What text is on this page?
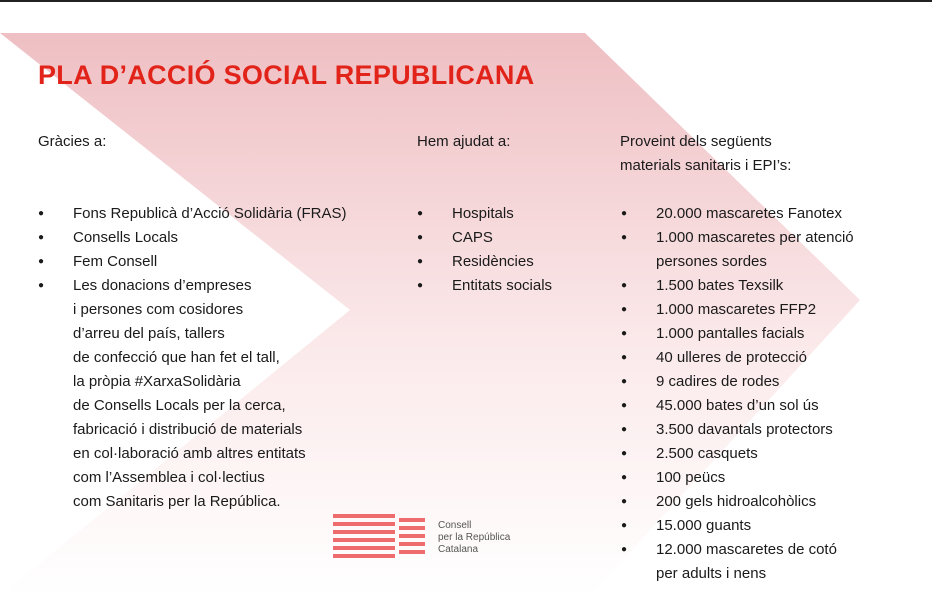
PLA D’ACCIÓ SOCIAL REPUBLICANA
Gràcies a:	Hem ajudat a:	Proveint dels següents
materials sanitaris i EPI’s:
● Fons Republicà d’Acció Solidària (FRAS)
● Consells Locals
● Fem Consell
● Les donacions d’empreses
i persones com cosidores
d’arreu del país, tallers
de confecció que han fet el tall,
la pròpia #XarxaSolidària
de Consells Locals per la cerca,
fabricació i distribució de materials
en col·laboració amb altres entitats
com l’Assemblea i col·lectius
com Sanitaris per la República.
● Hospitals
● CAPS
● Residències
● Entitats socials
● 20.000 mascaretes Fanotex
● 1.000 mascaretes per atenció
persones sordes
● 1.500 bates Texsilk
● 1.000 mascaretes FFP2
● 1.000 pantalles facials
● 40 ulleres de protecció
● 9 cadires de rodes
● 45.000 bates d’un sol ús
● 3.500 davantals protectors
● 2.500 casquets
● 100 peücs
● 200 gels hidroalcohòlics
● 15.000 guants
● 12.000 mascaretes de cotó
per adults i nens
Consell
per la República
Catalana
